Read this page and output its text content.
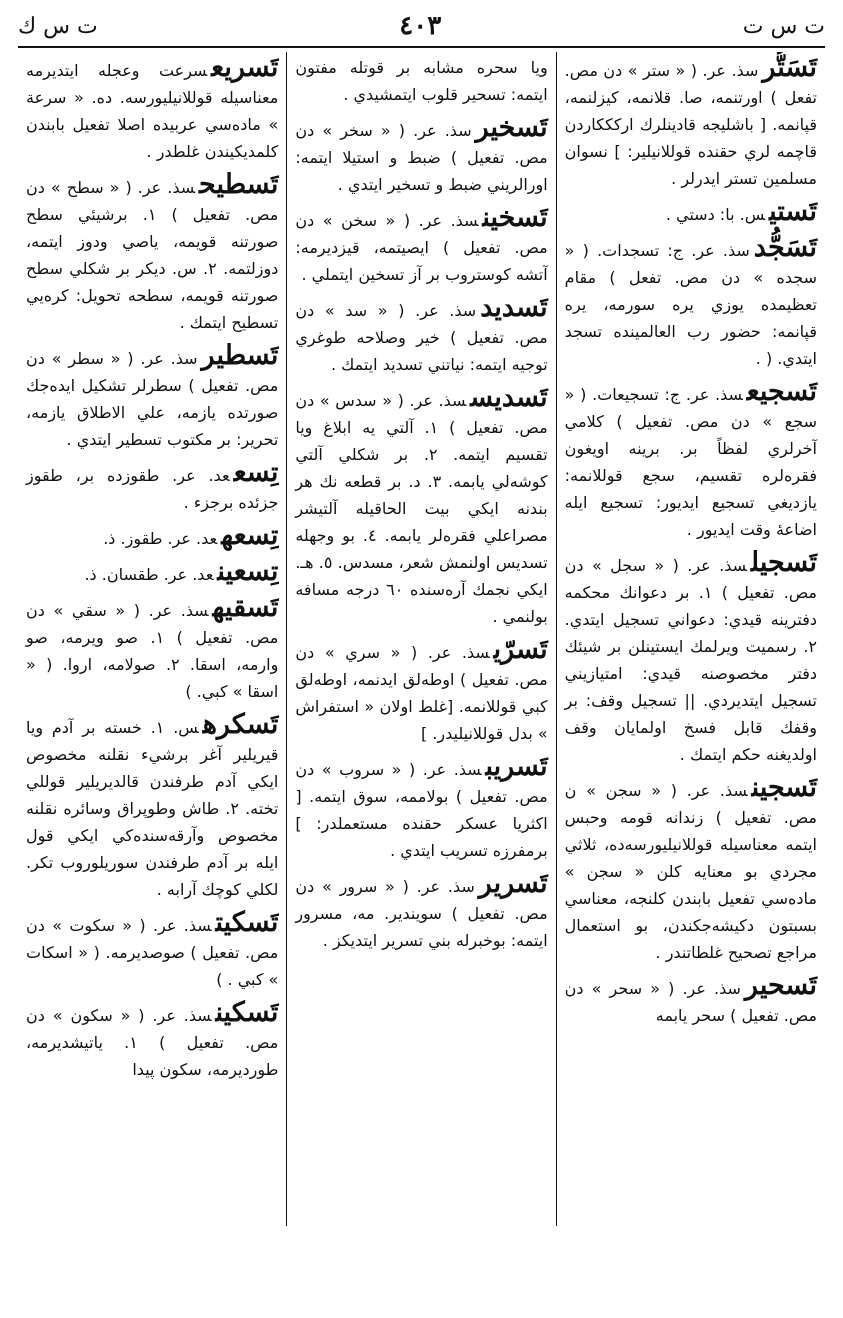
ت س ت
٤٠٣
ت س ك
تَسَتُّرسذ. عر. ( « ستر » دن مص. تفعل ) اورتنمه، صا. قلانمه، کيزلنمه، قپانمه. [ باشليجه قادينلرك اركككاردن قاچمه لري حقنده قوللانيلير: ] نسوان مسلمين تستر ايدرلر .
تَستيس. با: دستي .
تَسَجُّدسذ. عر. ج: تسجدات. ( « سجده » دن مص. تفعل ) مقام تعظيمده يوزي يره سورمه، يره قپانمه: حضور رب العالمينده تسجد ايتدي. ( .
تَسجيعسذ. عر. ج: تسجيعات. ( « سجع » دن مص. تفعيل ) کلامي آخرلري لفظاً بر. برينه اويغون فقره‌لره تقسيم، سجع قوللانمه: يازديغي تسجيع ايديور: تسجيع ايله اضاعهٔ وقت ايديور .
تَسجيلسذ. عر. ( « سجل » دن مص. تفعيل ) ١. بر دعوانك محکمه دفترينه قيدي: دعواني تسجيل ايتدي. ٢. رسميت ويرلمك ايستينلن بر شيئك دفتر مخصوصنه قيدي: امتيازيني تسجيل ايتديردي. || تسجيل وقف: بر وقفك قابل فسخ اولمايان وقف اولديغنه حکم ايتمك .
تَسجينسذ. عر. ( « سجن » ن مص. تفعيل ) زندانه قومه وحبس ايتمه معناسيله قوللانيليورسه‌ده، ثلاثي مجردي بو معنايه کلن « سجن » ماده‌سي تفعيل بابندن کلنجه، معناسي بسبتون دکيشه‌جكندن، بو استعمال مراجع تصحيح غلطاتندر .
تَسحيرسذ. عر. ( « سحر » دن مص. تفعيل ) سحر يابمه
ويا سحره مشابه بر قوتله مفتون ايتمه: تسحير قلوب ايتمشيدي .
تَسخيرسذ. عر. ( « سخر » دن مص. تفعيل ) ضبط و استيلا ايتمه: اورالريني ضبط و تسخير ايتدي .
تَسخينسذ. عر. ( « سخن » دن مص. تفعيل ) ايصيتمه، قيزديرمه: آتشه کوستروب بر آز تسخين ايتملي .
تَسديدسذ. عر. ( « سد » دن مص. تفعيل ) خير وصلاحه طوغري توجيه ايتمه: نياتني تسديد ايتمك .
تَسديسسذ. عر. ( « سدس » دن مص. تفعيل ) ١. آلتي يه ابلاغ ويا تقسيم ايتمه. ٢. بر شکلي آلتي کوشه‌لي يابمه. ٣. د. بر قطعه نك هر بندنه ايكي بيت الحاقيله آلتيشر مصراعلي فقره‌لر يابمه. ٤. بو وجهله تسديس اولنمش شعر، مسدس. ٥. هـ. ايكي نجمك آره‌سنده ٦٠ درجه مسافه بولنمي .
تَسرّيسذ. عر. ( « سري » دن مص. تفعيل ) اوطه‌لق ايدنمه، اوطه‌لق کبي قوللانمه. [غلط اولان « استفراش » بدل قوللانيليدر. ]
تَسريبسذ. عر. ( « سروب » دن مص. تفعيل ) بولاممه، سوق ايتمه. [ اکثريا عسکر حقنده مستعملدر: ] برمفرزه تسريب ايتدي .
تَسريرسذ. عر. ( « سرور » دن مص. تفعيل ) سويندير. مه، مسرور ايتمه: بوخبرله بني تسرير ايتديکز .
تَسريعسرعت وعجله ايتديرمه معناسيله قوللانيليورسه. ده. « سرعة » ماده‌سي عربيده اصلا تفعيل بابندن کلمديکيندن غلطدر .
تَسطيحسذ. عر. ( « سطح » دن مص. تفعيل ) ١. برشيئي سطح صورتنه قويمه، ياصي ودوز ايتمه، دوزلتمه. ٢. س. ديکر بر شکلي سطح صورتنه قويمه، سطحه تحويل: کره‌يي تسطيح ايتمك .
تَسطيرسذ. عر. ( « سطر » دن مص. تفعيل ) سطرلر تشکيل ايده‌جك صورتده يازمه، علي الاطلاق يازمه، تحرير: بر مکتوب تسطير ايتدي .
تِسععد. عر. طقوزده بر، طقوز جزئده برجزء .
تِسعهعد. عر. طقوز. ذ.
تِسعينعد. عر. طقسان. ذ.
تَسقيهسذ. عر. ( « سقي » دن مص. تفعيل ) ١. صو ويرمه، صو وارمه، اسقا. ٢. صولامه، اروا. ( « اسقا » کبي. )
تَسکرهس. ١. خسته بر آدم ويا قيريلير آغر برشيء نقلنه مخصوص ايكي آدم طرفندن قالديريلير قوللي تخته. ٢. طاش وطوپراق وسائره نقلنه مخصوص وآرقه‌سنده‌کي ايكي قول ايله بر آدم طرفندن سوريلوروب تکر. لکلي کوچك آرابه .
تَسکيتسذ. عر. ( « سکوت » دن مص. تفعيل ) صوصديرمه. ( « اسکات » کبي . )
تَسکينسذ. عر. ( « سکون » دن مص. تفعيل ) ١. ياتيشديرمه، طورديرمه، سکون پيدا
